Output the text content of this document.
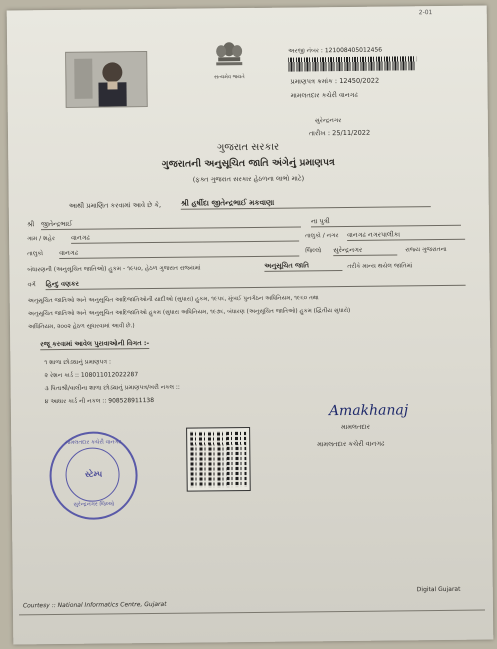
2-01
સત્યમેવ જયતે
અરજી નંબર : 121008405012456
પ્રમાણપત્ર ક્રમાંક : 12450/2022
મામલતદાર કચેરી વાનગઢ
સુરેન્દ્રનગર
તારીખ : 25/11/2022
ગુજરાત સરકાર
ગુજરાતની અનુસૂચિત જાતિ અંગેનું પ્રમાણપત્ર
(ફક્ત ગુજરાત સરકાર હેઠળના લાભો માટે)
આથી પ્રમાણિત કરવામાં આવે છે કે,	શ્રી હર્ષીદા જીતેન્દ્રભાઈ મકવાણા
શ્રી જીતેન્દ્રભાઈ	ના પુત્રી
ગામ / શહેર વાનગઢ	તાલુકો / નગર વાનગઢ નગરપાલીકા
તાલુકો વાનગઢ	જિલ્લો સુરેન્દ્રનગર	રાજ્ય ગુજરાતના
બંધારણની (અનુસૂચિત જાતિઓ) હુકમ - ૧૯૫૦, હેઠળ ગુજરાત રાજ્યમાં	અનુસૂચિત જાતિ	તરીકે માન્ય થયેલ જાતિમાં
વર્ગ હિન્દુ વણકર
અનુસૂચિત જાતિઓ અને અનુસૂચિત આદિજાતિઓની યાદીઓ (સુધારા) હુકમ, ૧૯૫૬, મુંબઈ પુનર્ગઠન અધિનિયમ, ૧૯૬૦ તથા
અનુસૂચિત જાતિઓ અને અનુસૂચિત આદિજાતિઓ હુકમ (સુધારા અધિનિયમ, ૧૯૭૬, બંધારણ (અનુસૂચિત જાતિઓ) હુકમ (દ્વિતીય સુધારો)
અધિનિયમ, ૨૦૦૨ હેઠળ સુધારવામાં આવી છે.)
રજૂ કરવામાં આવેલ પુરાવાઓની વિગત :-
૧ શાળા છોડ્યાનું પ્રમાણપત્ર :
૨ રેશન કાર્ડ :: 108011012022287
૩ પિતાશ્રી/વાલીના શાળા છોડ્યાનું પ્રમાણપત્ર/ખરી નકલ ::
૪ આધાર કાર્ડ ની નકલ :: 908528911138
Amakhanaj
મામલતદાર
મામલતદાર કચેરી વાનગઢ
મામલતદાર કચેરી વાનગઢ
સ્ટેમ્પ
સુરેન્દ્રનગર જિલ્લો
Courtesy :: National Informatics Centre, Gujarat
Digital Gujarat
